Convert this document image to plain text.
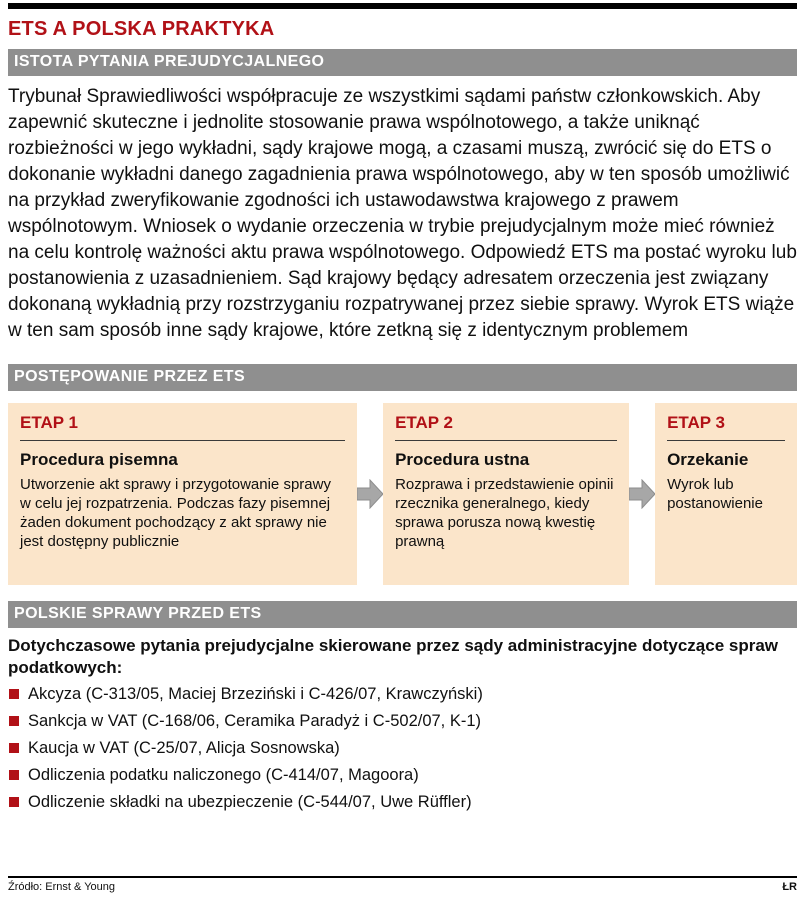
ETS A POLSKA PRAKTYKA
ISTOTA PYTANIA PREJUDYCJALNEGO

Trybunał Sprawiedliwości współpracuje ze wszystkimi sądami państw członkowskich. Aby zapewnić skuteczne i jednolite stosowanie prawa wspólnotowego, a także uniknąć rozbieżności w jego wykładni, sądy krajowe mogą, a czasami muszą, zwrócić się do ETS o dokonanie wykładni danego zagadnienia prawa wspólnotowego, aby w ten sposób umożliwić na przykład zweryfikowanie zgodności ich ustawodawstwa krajowego z prawem wspólnotowym. Wniosek o wydanie orzeczenia w trybie prejudycjalnym może mieć również na celu kontrolę ważności aktu prawa wspólnotowego. Odpowiedź ETS ma postać wyroku lub postanowienia z uzasadnieniem. Sąd krajowy będący adresatem orzeczenia jest związany dokonaną wykładnią przy rozstrzyganiu rozpatrywanej przez siebie sprawy. Wyrok ETS wiąże w ten sam sposób inne sądy krajowe, które zetkną się z identycznym problemem

POSTĘPOWANIE PRZEZ ETS
ETAP 1
Procedura pisemna
Utworzenie akt sprawy i przygotowanie sprawy w celu jej rozpatrzenia. Podczas fazy pisemnej żaden dokument pochodzący z akt sprawy nie jest dostępny publicznie
ETAP 2
Procedura ustna
Rozprawa i przedstawienie opinii rzecznika generalnego, kiedy sprawa porusza nową kwestię prawną
ETAP 3
Orzekanie
Wyrok lub postanowienie
POLSKIE SPRAWY PRZED ETS

Dotychczasowe pytania prejudycjalne skierowane przez sądy administracyjne dotyczące spraw podatkowych:

Akcyza (C-313/05, Maciej Brzeziński i C-426/07, Krawczyński)
Sankcja w VAT (C-168/06, Ceramika Paradyż i C-502/07, K-1)
Kaucja w VAT (C-25/07, Alicja Sosnowska)
Odliczenia podatku naliczonego (C-414/07, Magoora)
Odliczenie składki na ubezpieczenie (C-544/07, Uwe Rüffler)
Źródło: Ernst & Young	ŁR
